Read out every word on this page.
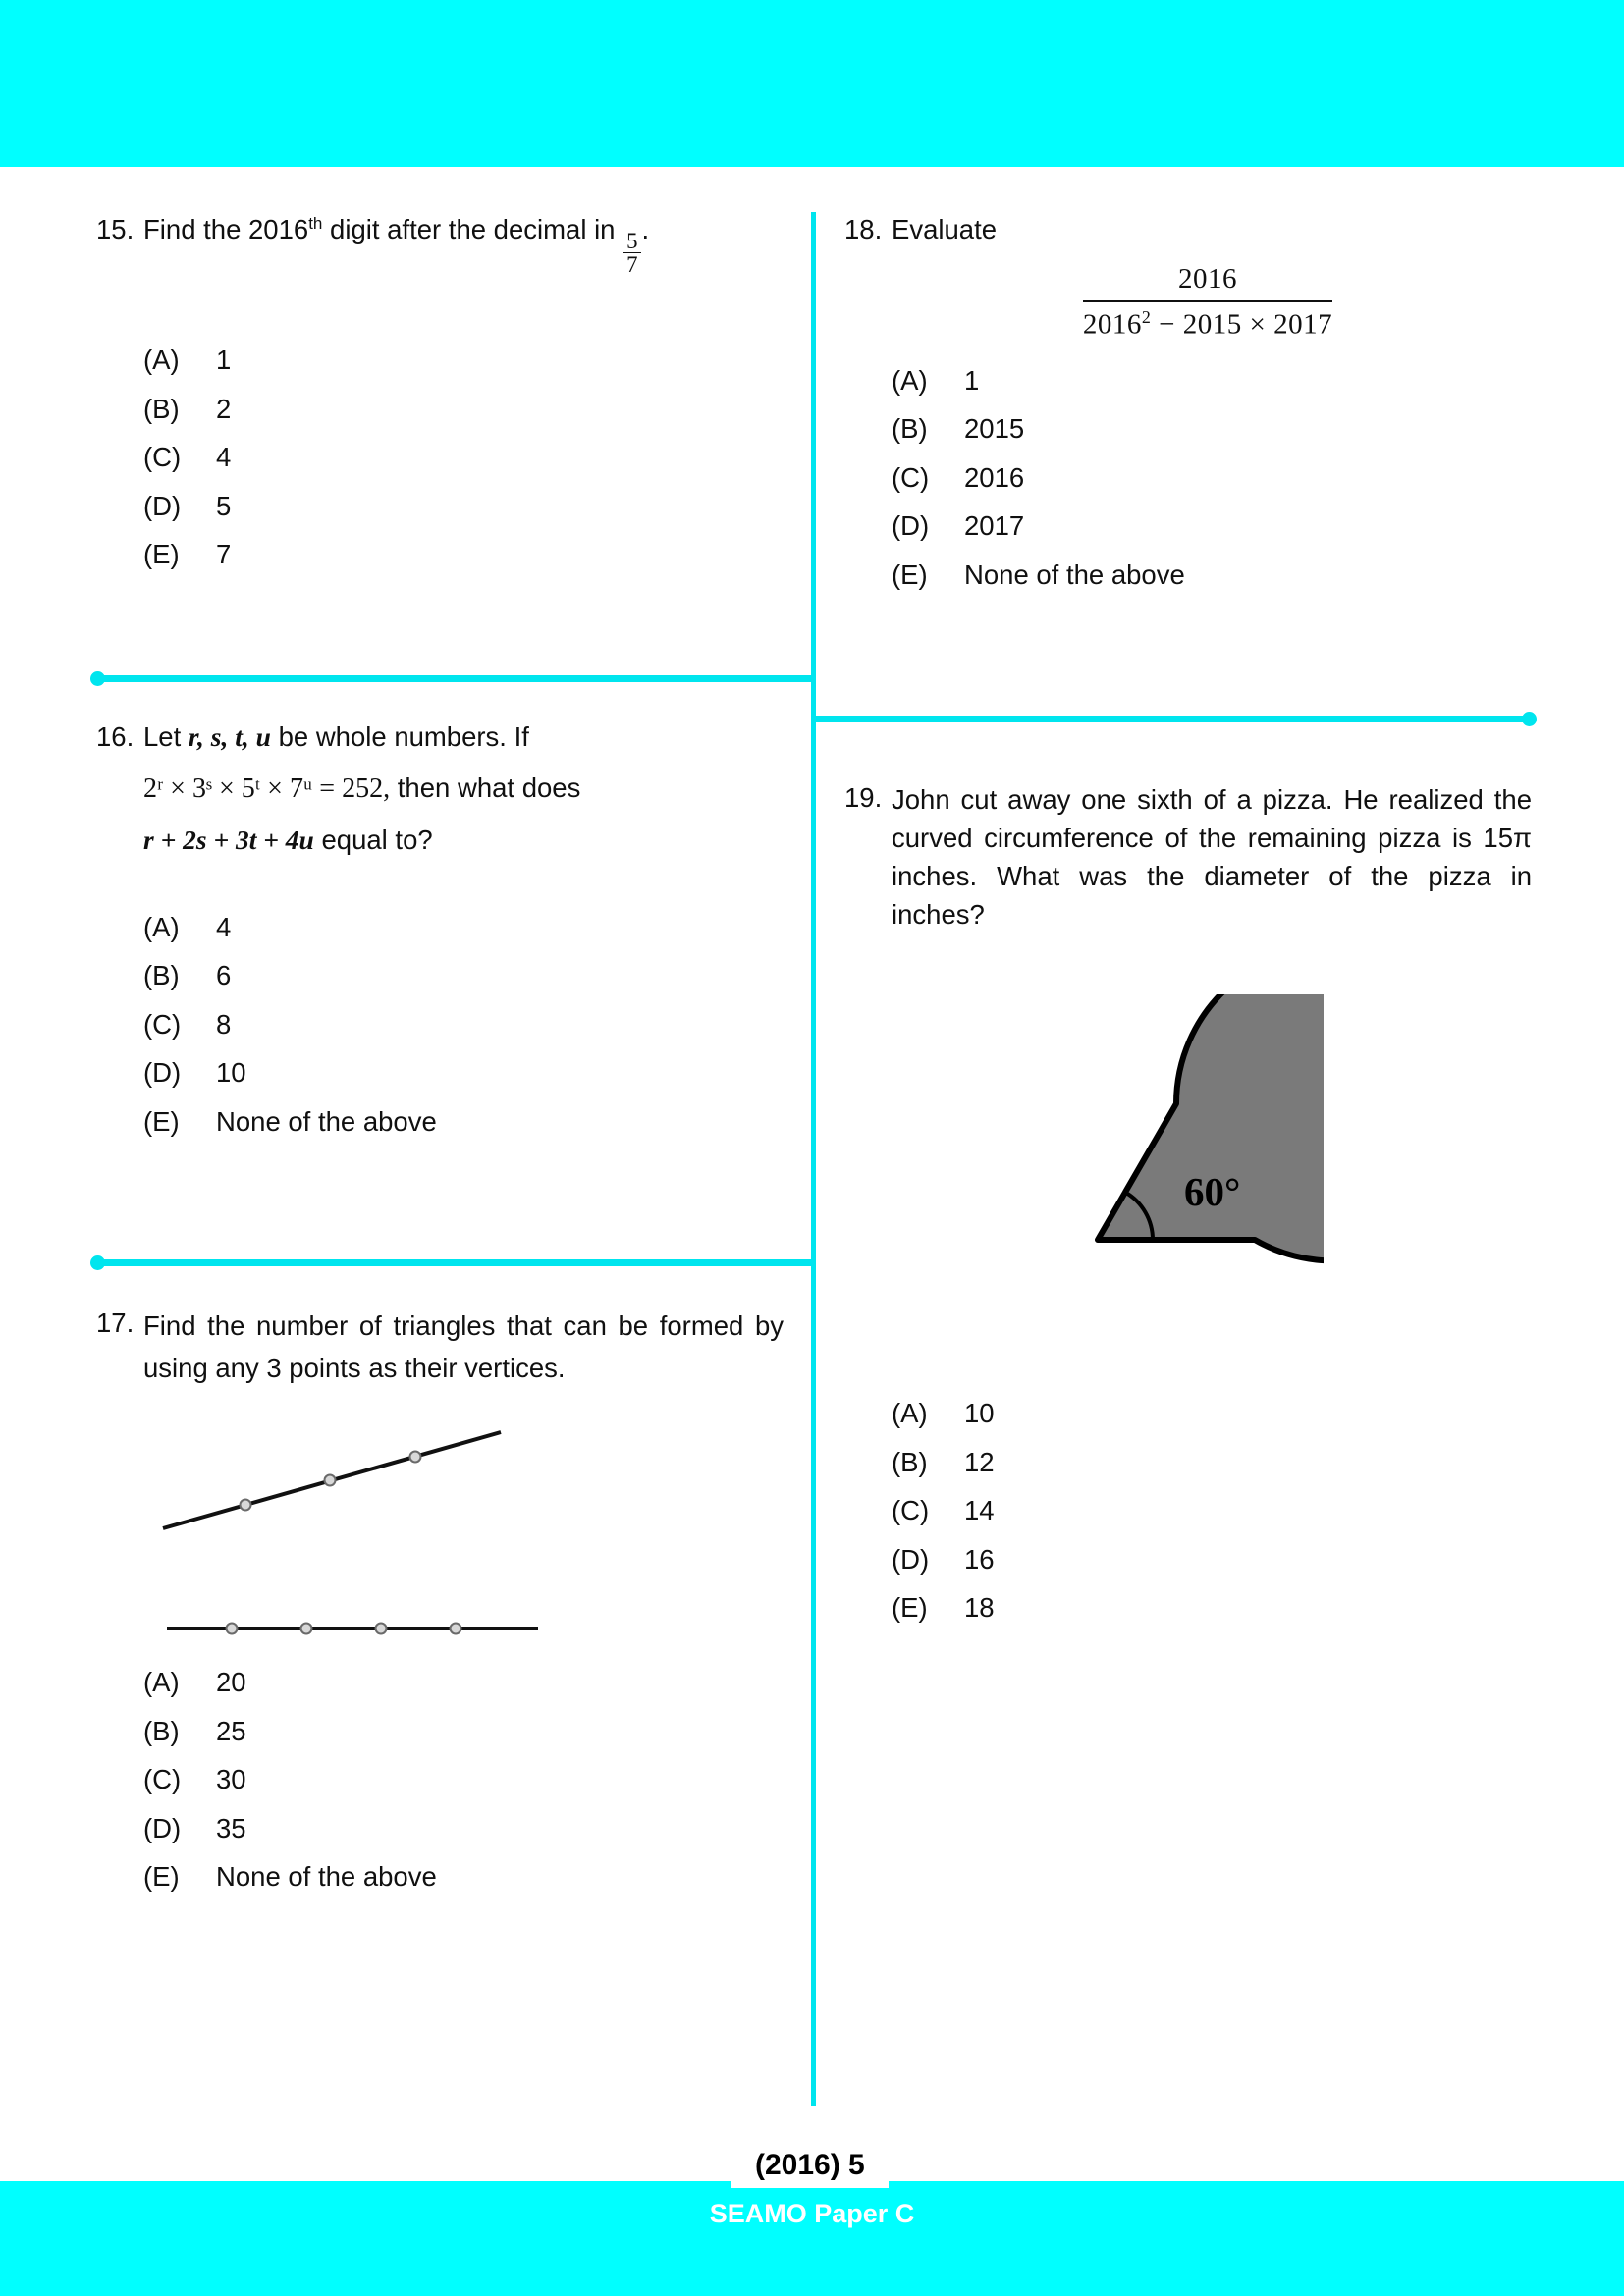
15. Find the 2016th digit after the decimal in
$\frac{5}{7}$
.
(A)	1
(B)	2
(C)	4
(D)	5
(E)	7
16. Let r, s, t, u be whole numbers. If
2ʳ × 3ˢ × 5ᵗ × 7ᵘ = 252, then what does
r + 2s + 3t + 4u equal to?
(A)	4
(B)	6
(C)	8
(D)	10
(E)	None of the above
17. Find the number of triangles that can be formed by using any 3 points as their vertices.
(A)	20
(B)	25
(C)	30
(D)	35
(E)	None of the above
18. Evaluate
$\frac{2016}{2016^2 - 2015 \times 2017}$
(A)	1
(B)	2015
(C)	2016
(D)	2017
(E)	None of the above
19. John cut away one sixth of a pizza. He realized the curved circumference of the remaining pizza is 15π inches. What was the diameter of the pizza in inches?
60°
(A)	10
(B)	12
(C)	14
(D)	16
(E)	18
(2016) 5
SEAMO Paper C
